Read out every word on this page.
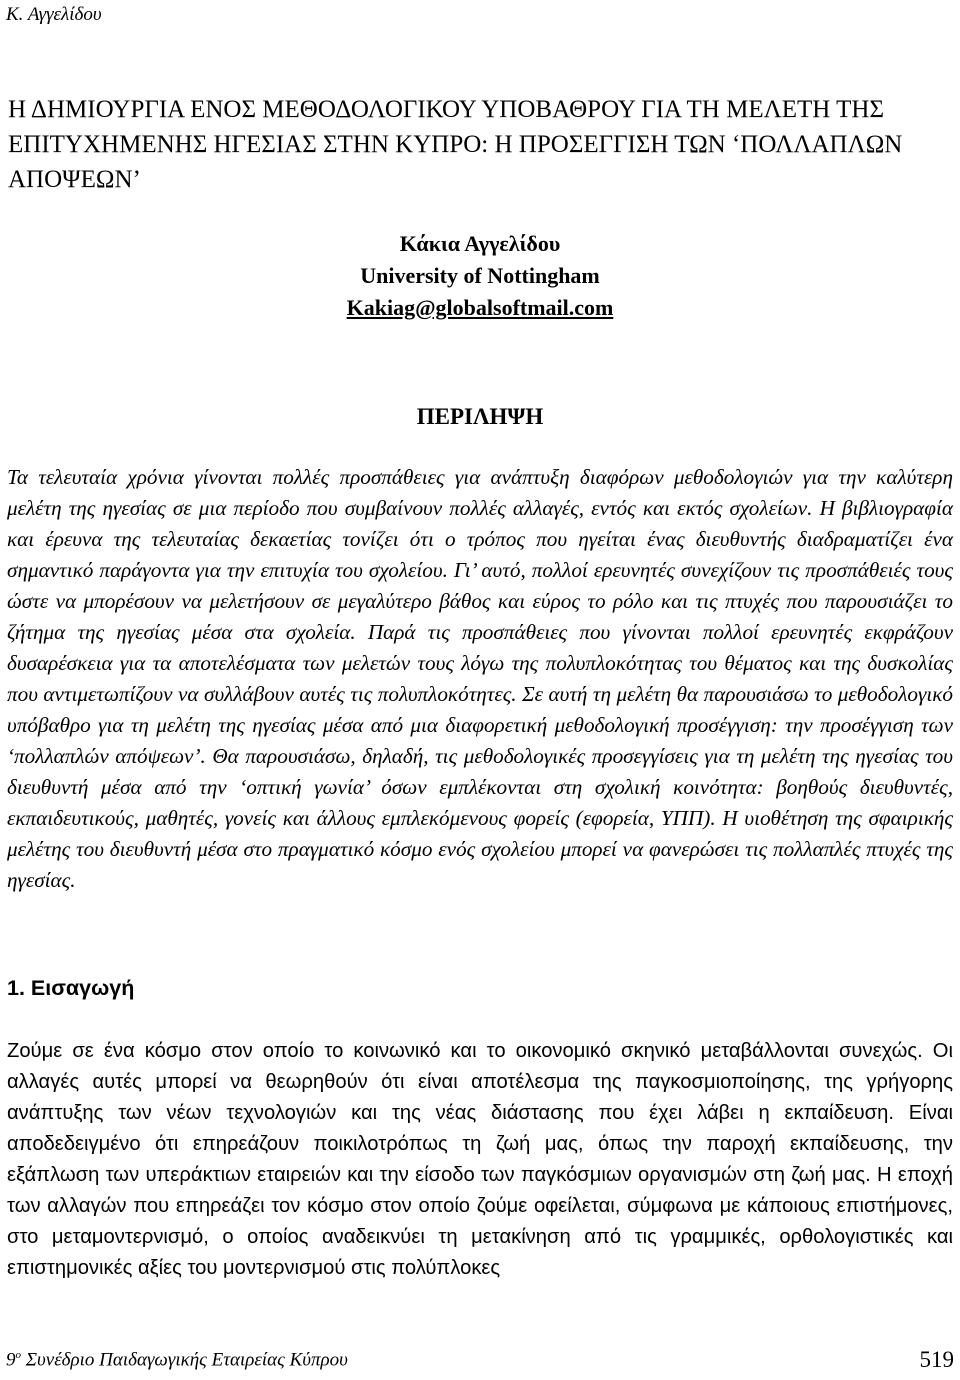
Κ. Αγγελίδου
Η ΔΗΜΙΟΥΡΓΙΑ ΕΝΟΣ ΜΕΘΟΔΟΛΟΓΙΚΟΥ ΥΠΟΒΑΘΡΟΥ ΓΙΑ ΤΗ ΜΕΛΕΤΗ ΤΗΣ ΕΠΙΤΥΧΗΜΕΝΗΣ ΗΓΕΣΙΑΣ ΣΤΗΝ ΚΥΠΡΟ: Η ΠΡΟΣΕΓΓΙΣΗ ΤΩΝ ‘ΠΟΛΛΑΠΛΩΝ ΑΠΟΨΕΩΝ’
Κάκια Αγγελίδου
University of Nottingham
Kakiag@globalsoftmail.com
ΠΕΡΙΛΗΨΗ
Τα τελευταία χρόνια γίνονται πολλές προσπάθειες για ανάπτυξη διαφόρων μεθοδολογιών για την καλύτερη μελέτη της ηγεσίας σε μια περίοδο που συμβαίνουν πολλές αλλαγές, εντός και εκτός σχολείων. Η βιβλιογραφία και έρευνα της τελευταίας δεκαετίας τονίζει ότι ο τρόπος που ηγείται ένας διευθυντής διαδραματίζει ένα σημαντικό παράγοντα για την επιτυχία του σχολείου. Γι’ αυτό, πολλοί ερευνητές συνεχίζουν τις προσπάθειές τους ώστε να μπορέσουν να μελετήσουν σε μεγαλύτερο βάθος και εύρος το ρόλο και τις πτυχές που παρουσιάζει το ζήτημα της ηγεσίας μέσα στα σχολεία. Παρά τις προσπάθειες που γίνονται πολλοί ερευνητές εκφράζουν δυσαρέσκεια για τα αποτελέσματα των μελετών τους λόγω της πολυπλοκότητας του θέματος και της δυσκολίας που αντιμετωπίζουν να συλλάβουν αυτές τις πολυπλοκότητες. Σε αυτή τη μελέτη θα παρουσιάσω το μεθοδολογικό υπόβαθρο για τη μελέτη της ηγεσίας μέσα από μια διαφορετική μεθοδολογική προσέγγιση: την προσέγγιση των ‘πολλαπλών απόψεων’. Θα παρουσιάσω, δηλαδή, τις μεθοδολογικές προσεγγίσεις για τη μελέτη της ηγεσίας του διευθυντή μέσα από την ‘οπτική γωνία’ όσων εμπλέκονται στη σχολική κοινότητα: βοηθούς διευθυντές, εκπαιδευτικούς, μαθητές, γονείς και άλλους εμπλεκόμενους φορείς (εφορεία, ΥΠΠ). Η υιοθέτηση της σφαιρικής μελέτης του διευθυντή μέσα στο πραγματικό κόσμο ενός σχολείου μπορεί να φανερώσει τις πολλαπλές πτυχές της ηγεσίας.
1. Εισαγωγή
Ζούμε σε ένα κόσμο στον οποίο το κοινωνικό και το οικονομικό σκηνικό μεταβάλλονται συνεχώς. Οι αλλαγές αυτές μπορεί να θεωρηθούν ότι είναι αποτέλεσμα της παγκοσμιοποίησης, της γρήγορης ανάπτυξης των νέων τεχνολογιών και της νέας διάστασης που έχει λάβει η εκπαίδευση. Είναι αποδεδειγμένο ότι επηρεάζουν ποικιλοτρόπως τη ζωή μας, όπως την παροχή εκπαίδευσης, την εξάπλωση των υπεράκτιων εταιρειών και την είσοδο των παγκόσμιων οργανισμών στη ζωή μας. Η εποχή των αλλαγών που επηρεάζει τον κόσμο στον οποίο ζούμε οφείλεται, σύμφωνα με κάποιους επιστήμονες, στο μεταμοντερνισμό, ο οποίος αναδεικνύει τη μετακίνηση από τις γραμμικές, ορθολογιστικές και επιστημονικές αξίες του μοντερνισμού στις πολύπλοκες
$9^o$ Συνέδριο Παιδαγωγικής Εταιρείας Κύπρου	519
